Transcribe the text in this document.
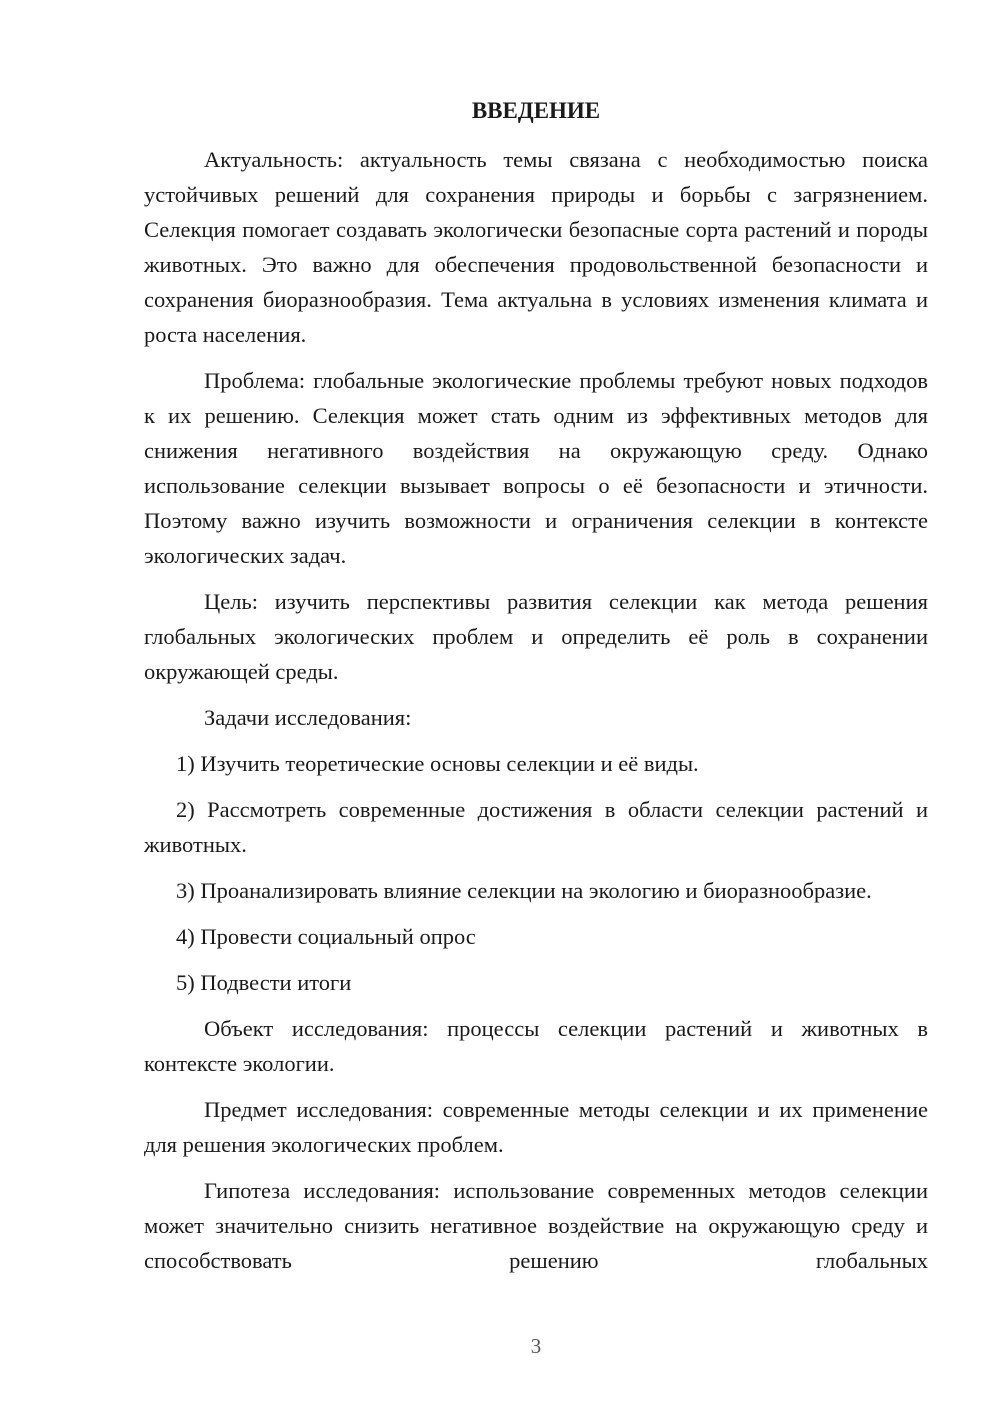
ВВЕДЕНИЕ

Актуальность: актуальность темы связана с необходимостью поиска устойчивых решений для сохранения природы и борьбы с загрязнением. Селекция помогает создавать экологически безопасные сорта растений и породы животных. Это важно для обеспечения продовольственной безопасности и сохранения биоразнообразия. Тема актуальна в условиях изменения климата и роста населения.

Проблема: глобальные экологические проблемы требуют новых подходов к их решению. Селекция может стать одним из эффективных методов для снижения негативного воздействия на окружающую среду. Однако использование селекции вызывает вопросы о её безопасности и этичности. Поэтому важно изучить возможности и ограничения селекции в контексте экологических задач.

Цель: изучить перспективы развития селекции как метода решения глобальных экологических проблем и определить её роль в сохранении окружающей среды.

Задачи исследования:

1) Изучить теоретические основы селекции и её виды.

2) Рассмотреть современные достижения в области селекции растений и животных.

3) Проанализировать влияние селекции на экологию и биоразнообразие.

4) Провести социальный опрос

5) Подвести итоги

Объект исследования: процессы селекции растений и животных в контексте экологии.

Предмет исследования: современные методы селекции и их применение для решения экологических проблем.

Гипотеза исследования: использование современных методов селекции может значительно снизить негативное воздействие на окружающую среду и способствовать решению глобальных

3
